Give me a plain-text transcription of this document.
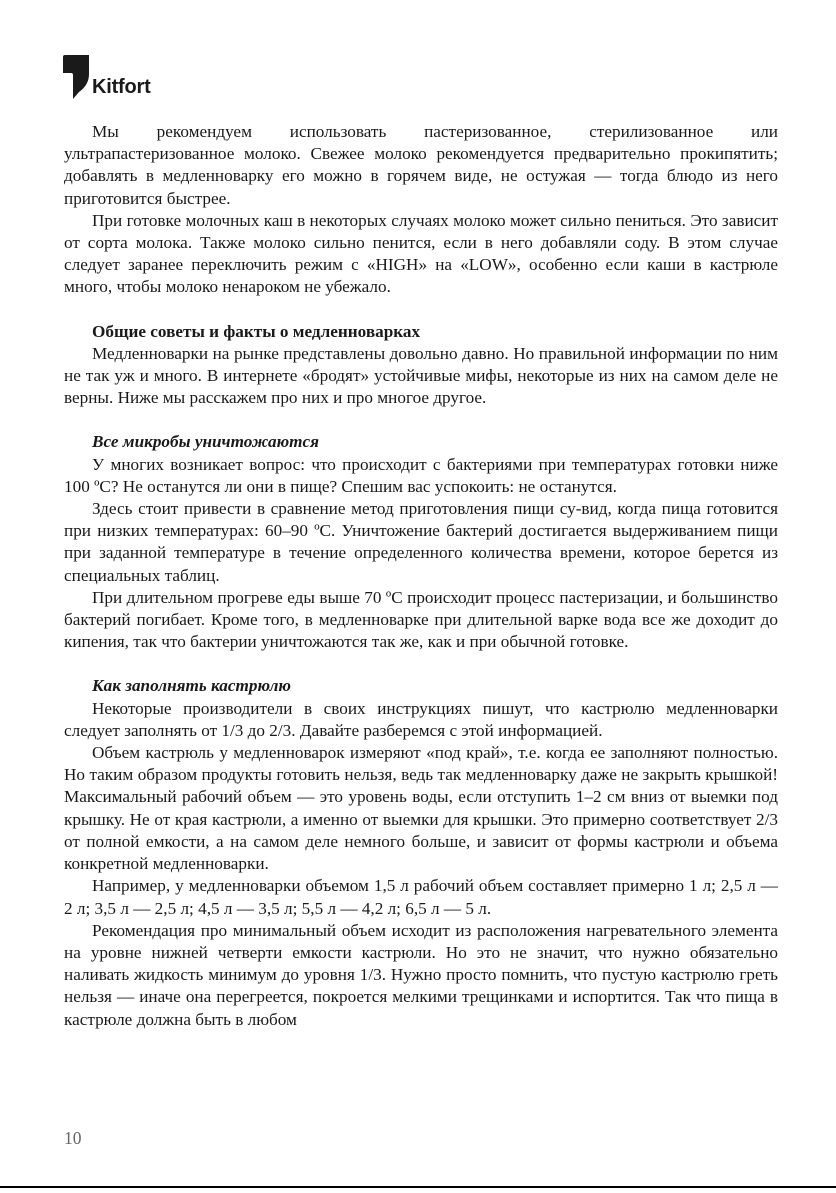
Kitfort

Мы рекомендуем использовать пастеризованное, стерилизованное или ультрапастеризованное молоко. Свежее молоко рекомендуется предварительно прокипятить; добавлять в медленноварку его можно в горячем виде, не остужая — тогда блюдо из него приготовится быстрее.

При готовке молочных каш в некоторых случаях молоко может сильно пениться. Это зависит от сорта молока. Также молоко сильно пенится, если в него добавляли соду. В этом случае следует заранее переключить режим с «HIGH» на «LOW», особенно если каши в кастрюле много, чтобы молоко ненароком не убежало.

Общие советы и факты о медленноварках

Медленноварки на рынке представлены довольно давно. Но правильной информации по ним не так уж и много. В интернете «бродят» устойчивые мифы, некоторые из них на самом деле не верны. Ниже мы расскажем про них и про многое другое.

Все микробы уничтожаются

У многих возникает вопрос: что происходит с бактериями при температурах готовки ниже 100 ºC? Не останутся ли они в пище? Спешим вас успокоить: не останутся.

Здесь стоит привести в сравнение метод приготовления пищи су-вид, когда пища готовится при низких температурах: 60–90 ºC. Уничтожение бактерий достигается выдерживанием пищи при заданной температуре в течение определенного количества времени, которое берется из специальных таблиц.

При длительном прогреве еды выше 70 ºC происходит процесс пастеризации, и большинство бактерий погибает. Кроме того, в медленноварке при длительной варке вода все же доходит до кипения, так что бактерии уничтожаются так же, как и при обычной готовке.

Как заполнять кастрюлю

Некоторые производители в своих инструкциях пишут, что кастрюлю медленноварки следует заполнять от 1/3 до 2/3. Давайте разберемся с этой информацией.

Объем кастрюль у медленноварок измеряют «под край», т.е. когда ее заполняют полностью. Но таким образом продукты готовить нельзя, ведь так медленноварку даже не закрыть крышкой! Максимальный рабочий объем — это уровень воды, если отступить 1–2 см вниз от выемки под крышку. Не от края кастрюли, а именно от выемки для крышки. Это примерно соответствует 2/3 от полной емкости, а на самом деле немного больше, и зависит от формы кастрюли и объема конкретной медленноварки.

Например, у медленноварки объемом 1,5 л рабочий объем составляет примерно 1 л; 2,5 л — 2 л; 3,5 л — 2,5 л; 4,5 л — 3,5 л; 5,5 л — 4,2 л; 6,5 л — 5 л.

Рекомендация про минимальный объем исходит из расположения нагревательного элемента на уровне нижней четверти емкости кастрюли. Но это не значит, что нужно обязательно наливать жидкость минимум до уровня 1/3. Нужно просто помнить, что пустую кастрюлю греть нельзя — иначе она перегреется, покроется мелкими трещинками и испортится. Так что пища в кастрюле должна быть в любом

10
